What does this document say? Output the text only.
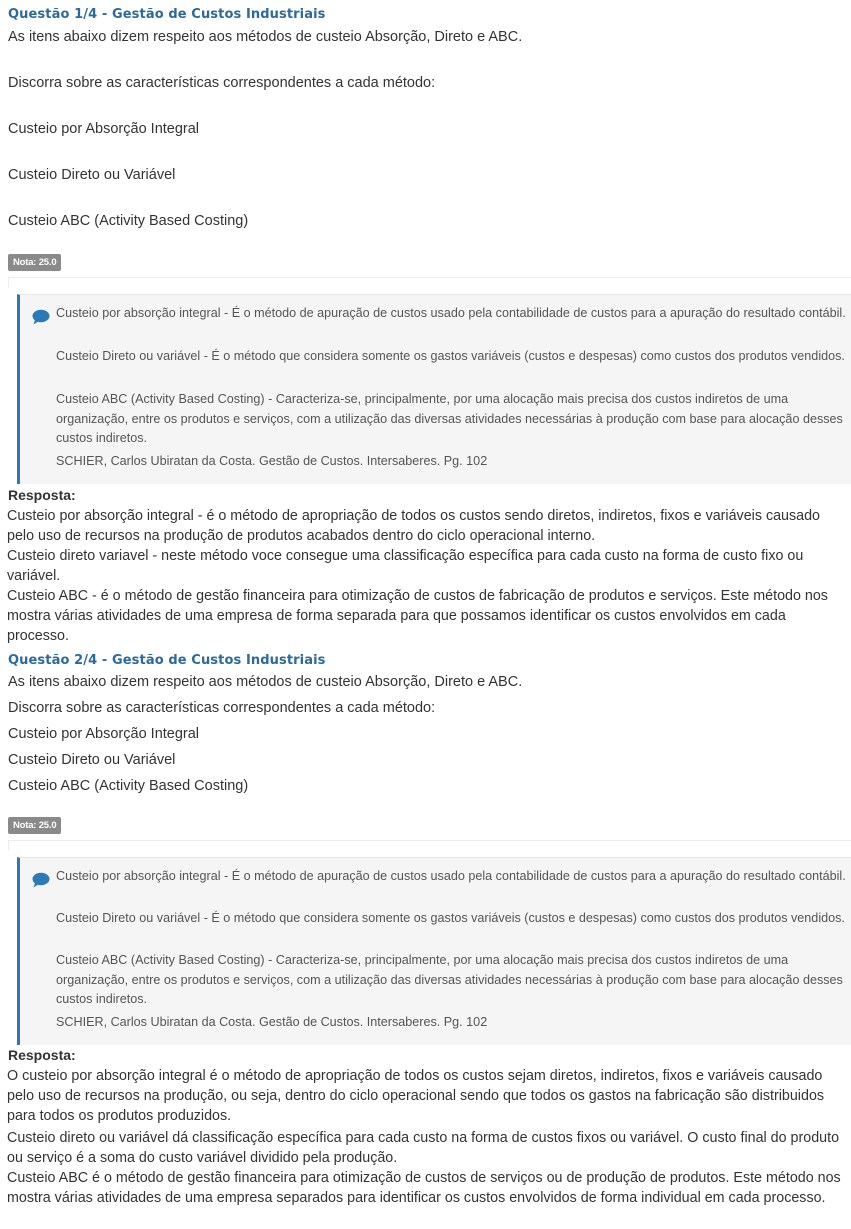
Questão 1/4 - Gestão de Custos Industriais
As itens abaixo dizem respeito aos métodos de custeio Absorção, Direto e ABC.
Discorra sobre as características correspondentes a cada método:
Custeio por Absorção Integral
Custeio Direto ou Variável
Custeio ABC (Activity Based Costing)
Nota: 25.0

Custeio por absorção integral - É o método de apuração de custos usado pela contabilidade de custos para a apuração do resultado contábil.

Custeio Direto ou variável - É o método que considera somente os gastos variáveis (custos e despesas) como custos dos produtos vendidos.

Custeio ABC (Activity Based Costing) - Caracteriza-se, principalmente, por uma alocação mais precisa dos custos indiretos de uma organização, entre os produtos e serviços, com a utilização das diversas atividades necessárias à produção com base para alocação desses custos indiretos.

SCHIER, Carlos Ubiratan da Costa. Gestão de Custos. Intersaberes. Pg. 102

Resposta:

Custeio por absorção integral - é o método de apropriação de todos os custos sendo diretos, indiretos, fixos e variáveis causado pelo uso de recursos na produção de produtos acabados dentro do ciclo operacional interno.

Custeio direto variavel - neste método voce consegue uma classificação específica para cada custo na forma de custo fixo ou variável.

Custeio ABC - é o método de gestão financeira para otimização de custos de fabricação de produtos e serviços. Este método nos mostra várias atividades de uma empresa de forma separada para que possamos identificar os custos envolvidos em cada processo.

Questão 2/4 - Gestão de Custos Industriais
As itens abaixo dizem respeito aos métodos de custeio Absorção, Direto e ABC.
Discorra sobre as características correspondentes a cada método:
Custeio por Absorção Integral
Custeio Direto ou Variável
Custeio ABC (Activity Based Costing)
Nota: 25.0

Custeio por absorção integral - É o método de apuração de custos usado pela contabilidade de custos para a apuração do resultado contábil.

Custeio Direto ou variável - É o método que considera somente os gastos variáveis (custos e despesas) como custos dos produtos vendidos.

Custeio ABC (Activity Based Costing) - Caracteriza-se, principalmente, por uma alocação mais precisa dos custos indiretos de uma organização, entre os produtos e serviços, com a utilização das diversas atividades necessárias à produção com base para alocação desses custos indiretos.

SCHIER, Carlos Ubiratan da Costa. Gestão de Custos. Intersaberes. Pg. 102

Resposta:

O custeio por absorção integral é o método de apropriação de todos os custos sejam diretos, indiretos, fixos e variáveis causado pelo uso de recursos na produção, ou seja, dentro do ciclo operacional sendo que todos os gastos na fabricação são distribuidos para todos os produtos produzidos.

Custeio direto ou variável dá classificação específica para cada custo na forma de custos fixos ou variável. O custo final do produto ou serviço é a soma do custo variável dividido pela produção.

Custeio ABC é o método de gestão financeira para otimização de custos de serviços ou de produção de produtos. Este método nos mostra várias atividades de uma empresa separados para identificar os custos envolvidos de forma individual em cada processo.
